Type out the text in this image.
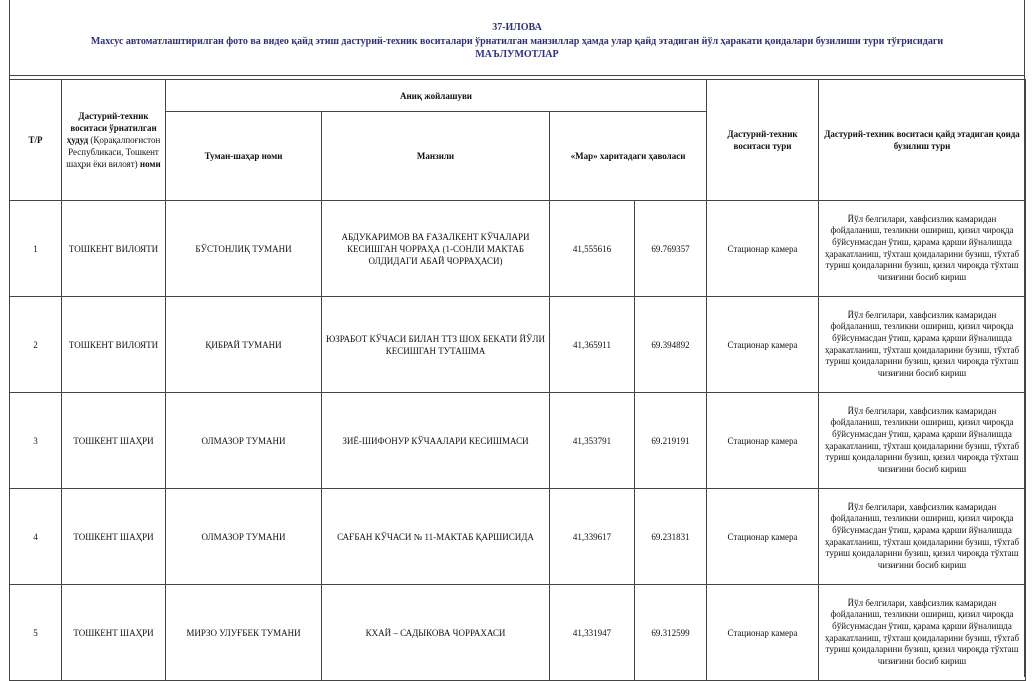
37-ИЛОВА
Махсус автоматлаштирилган фото ва видео қайд этиш дастурий-техник воситалари ўрнатилган манзиллар ҳамда улар қайд этадиган йўл ҳаракати қоидалари бузилиши тури тўғрисидаги
МАЪЛУМОТЛАР
Т/Р	Дастурий-техник воситаси ўрнатилган ҳудуд (Қорақалпоғистон Республикаси, Тошкент шаҳри ёки вилоят) номи	Аниқ жойлашуви				Дастурий-техник воситаси тури	Дастурий-техник воситаси қайд этадиган қоида бузилиш тури
		Туман-шаҳар номи	Манзили	«Мар» харитадаги ҳаволаси			
1	ТОШКЕНТ ВИЛОЯТИ	БЎСТОНЛИҚ ТУМАНИ	АБДУКАРИМОВ ВА ҒАЗАЛКЕНТ КЎЧАЛАРИ КЕСИШГАН ЧОРРАҲА (1-СОНЛИ МАКТАБ ОЛДИДАГИ АБАЙ ЧОРРАҲАСИ)	41,555616	69.769357	Стационар камера	Йўл белгилари, хавфсизлик камаридан фойдаланиш, тезликни ошириш, қизил чироқда бўйсунмасдан ўтиш, қарама қарши йўналишда ҳаракатланиш, тўхташ қоидаларини бузиш, тўхтаб туриш қоидаларини бузиш, қизил чироқда тўхташ чизиғини босиб кириш
2	ТОШКЕНТ ВИЛОЯТИ	ҚИБРАЙ ТУМАНИ	ЮЗРАБОТ КЎЧАСИ БИЛАН ТТЗ ШОХ БЕКАТИ ЙЎЛИ КЕСИШГАН ТУТАШМА	41,365911	69.394892	Стационар камера	Йўл белгилари, хавфсизлик камаридан фойдаланиш, тезликни ошириш, қизил чироқда бўйсунмасдан ўтиш, қарама қарши йўналишда ҳаракатланиш, тўхташ қоидаларини бузиш, тўхтаб туриш қоидаларини бузиш, қизил чироқда тўхташ чизиғини босиб кириш
3	ТОШКЕНТ ШАҲРИ	ОЛМАЗОР ТУМАНИ	ЗИЁ-ШИФОНУР КЎЧААЛАРИ КЕСИШМАСИ	41,353791	69.219191	Стационар камера	Йўл белгилари, хавфсизлик камаридан фойдаланиш, тезликни ошириш, қизил чироқда бўйсунмасдан ўтиш, қарама қарши йўналишда ҳаракатланиш, тўхташ қоидаларини бузиш, тўхтаб туриш қоидаларини бузиш, қизил чироқда тўхташ чизиғини босиб кириш
4	ТОШКЕНТ ШАҲРИ	ОЛМАЗОР ТУМАНИ	САҒБАН КЎЧАСИ № 11-МАКТАБ ҚАРШИСИДА	41,339617	69.231831	Стационар камера	Йўл белгилари, хавфсизлик камаридан фойдаланиш, тезликни ошириш, қизил чироқда бўйсунмасдан ўтиш, қарама қарши йўналишда ҳаракатланиш, тўхташ қоидаларини бузиш, тўхтаб туриш қоидаларини бузиш, қизил чироқда тўхташ чизиғини босиб кириш
5	ТОШКЕНТ ШАҲРИ	МИРЗО УЛУҒБЕК ТУМАНИ	КХАЙ – САДЫКОВА ЧОРРАХАСИ	41,331947	69.312599	Стационар камера	Йўл белгилари, хавфсизлик камаридан фойдаланиш, тезликни ошириш, қизил чироқда бўйсунмасдан ўтиш, қарама қарши йўналишда ҳаракатланиш, тўхташ қоидаларини бузиш, тўхтаб туриш қоидаларини бузиш, қизил чироқда тўхташ чизиғини босиб кириш
